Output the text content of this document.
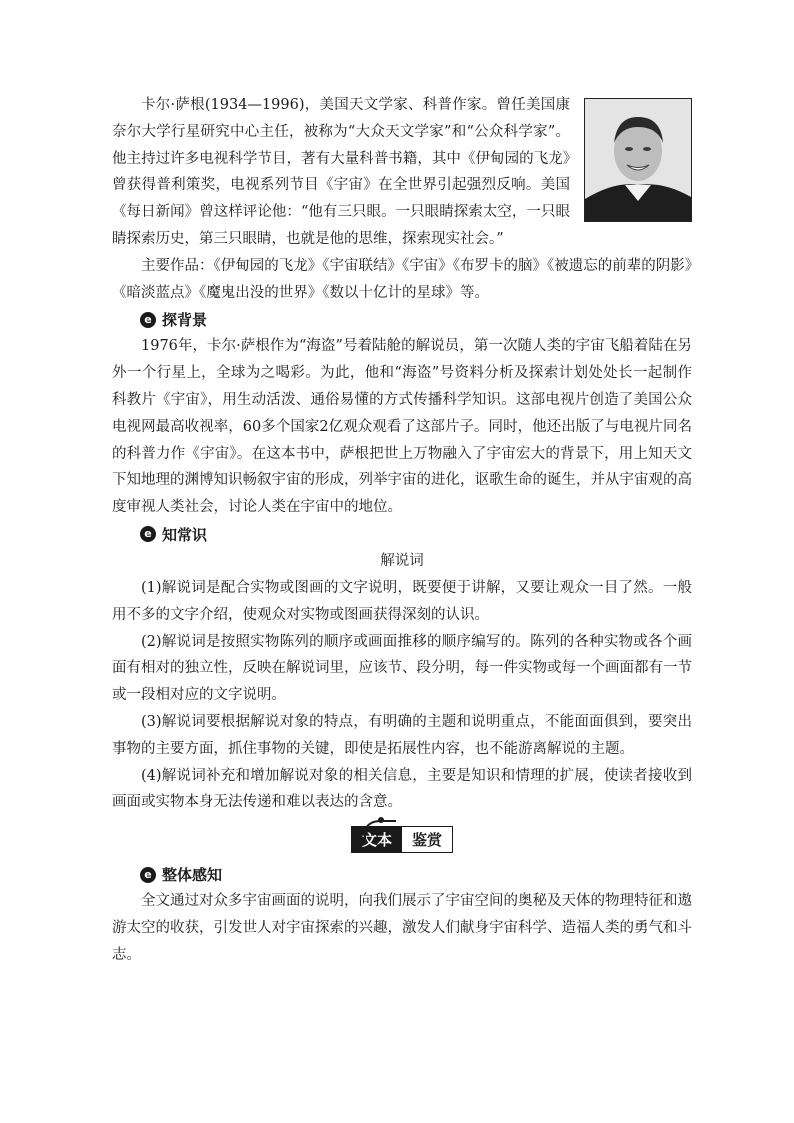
卡尔·萨根(1934—1996)，美国天文学家、科普作家。曾任美国康奈尔大学行星研究中心主任，被称为“大众天文学家”和“公众科学家”。他主持过许多电视科学节目，著有大量科普书籍，其中《伊甸园的飞龙》曾获得普利策奖，电视系列节目《宇宙》在全世界引起强烈反响。美国《每日新闻》曾这样评论他：“他有三只眼。一只眼睛探索太空，一只眼睛探索历史，第三只眼睛，也就是他的思维，探索现实社会。”

主要作品：《伊甸园的飞龙》《宇宙联结》《宇宙》《布罗卡的脑》《被遗忘的前辈的阴影》《暗淡蓝点》《魔鬼出没的世界》《数以十亿计的星球》等。

e 探背景

1976年，卡尔·萨根作为“海盗”号着陆舱的解说员，第一次随人类的宇宙飞船着陆在另外一个行星上，全球为之喝彩。为此，他和“海盗”号资料分析及探索计划处处长一起制作科教片《宇宙》，用生动活泼、通俗易懂的方式传播科学知识。这部电视片创造了美国公众电视网最高收视率，60多个国家2亿观众观看了这部片子。同时，他还出版了与电视片同名的科普力作《宇宙》。在这本书中，萨根把世上万物融入了宇宙宏大的背景下，用上知天文下知地理的渊博知识畅叙宇宙的形成，列举宇宙的进化，讴歌生命的诞生，并从宇宙观的高度审视人类社会，讨论人类在宇宙中的地位。

e 知常识
解说词

(1)解说词是配合实物或图画的文字说明，既要便于讲解，又要让观众一目了然。一般用不多的文字介绍，使观众对实物或图画获得深刻的认识。

(2)解说词是按照实物陈列的顺序或画面推移的顺序编写的。陈列的各种实物或各个画面有相对的独立性，反映在解说词里，应该节、段分明，每一件实物或每一个画面都有一节或一段相对应的文字说明。

(3)解说词要根据解说对象的特点，有明确的主题和说明重点，不能面面俱到，要突出事物的主要方面，抓住事物的关键，即使是拓展性内容，也不能游离解说的主题。

(4)解说词补充和增加解说对象的相关信息，主要是知识和情理的扩展，使读者接收到画面或实物本身无法传递和难以表达的含意。

文本	鉴赏
e 整体感知

全文通过对众多宇宙画面的说明，向我们展示了宇宙空间的奥秘及天体的物理特征和遨游太空的收获，引发世人对宇宙探索的兴趣，激发人们献身宇宙科学、造福人类的勇气和斗志。
